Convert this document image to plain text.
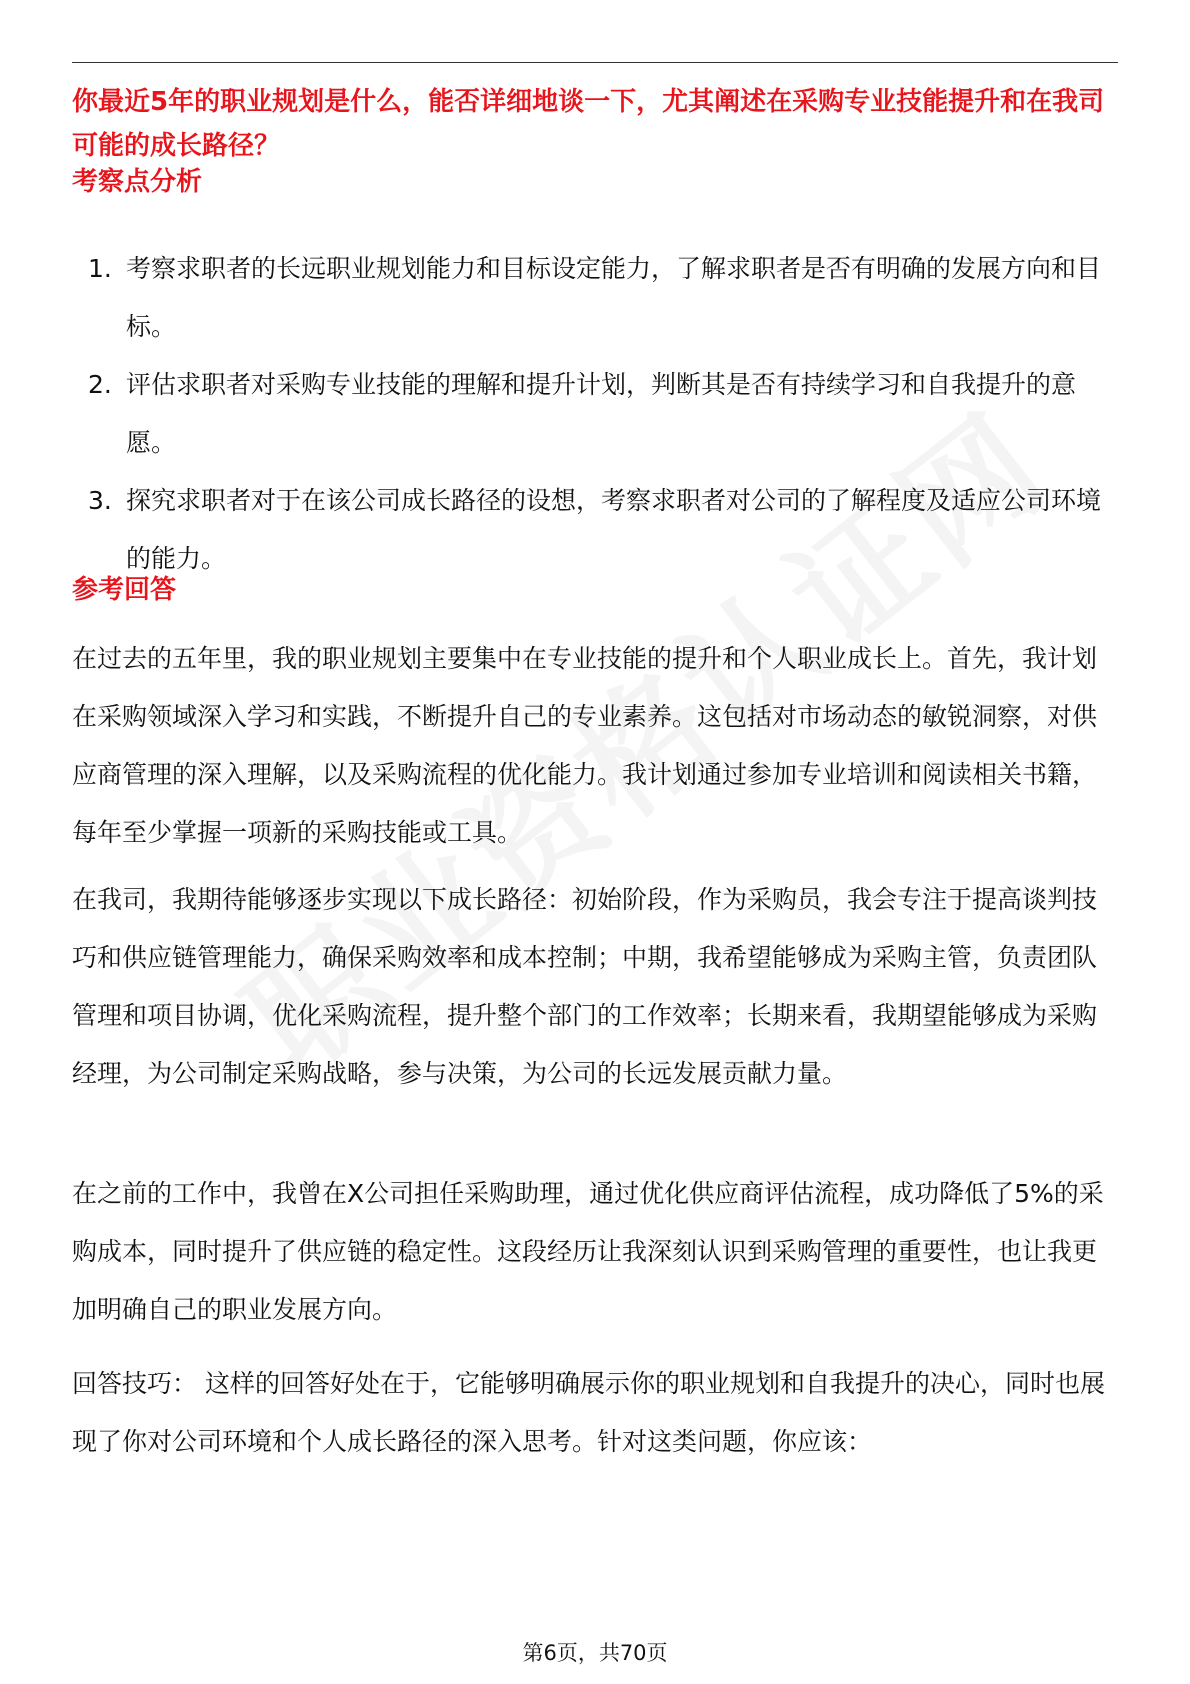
你最近5年的职业规划是什么，能否详细地谈一下，尤其阐述在采购专业技能提升和在我司可能的成长路径？
考察点分析
1. 考察求职者的长远职业规划能力和目标设定能力，了解求职者是否有明确的发展方向和目标。
2. 评估求职者对采购专业技能的理解和提升计划，判断其是否有持续学习和自我提升的意愿。
3. 探究求职者对于在该公司成长路径的设想，考察求职者对公司的了解程度及适应公司环境的能力。
参考回答

在过去的五年里，我的职业规划主要集中在专业技能的提升和个人职业成长上。首先，我计划在采购领域深入学习和实践，不断提升自己的专业素养。这包括对市场动态的敏锐洞察，对供应商管理的深入理解，以及采购流程的优化能力。我计划通过参加专业培训和阅读相关书籍，每年至少掌握一项新的采购技能或工具。

在我司，我期待能够逐步实现以下成长路径：初始阶段，作为采购员，我会专注于提高谈判技巧和供应链管理能力，确保采购效率和成本控制；中期，我希望能够成为采购主管，负责团队管理和项目协调，优化采购流程，提升整个部门的工作效率；长期来看，我期望能够成为采购经理，为公司制定采购战略，参与决策，为公司的长远发展贡献力量。

在之前的工作中，我曾在X公司担任采购助理，通过优化供应商评估流程，成功降低了5%的采购成本，同时提升了供应链的稳定性。这段经历让我深刻认识到采购管理的重要性，也让我更加明确自己的职业发展方向。

回答技巧： 这样的回答好处在于，它能够明确展示你的职业规划和自我提升的决心，同时也展现了你对公司环境和个人成长路径的深入思考。针对这类问题，你应该：

第6页，共70页
